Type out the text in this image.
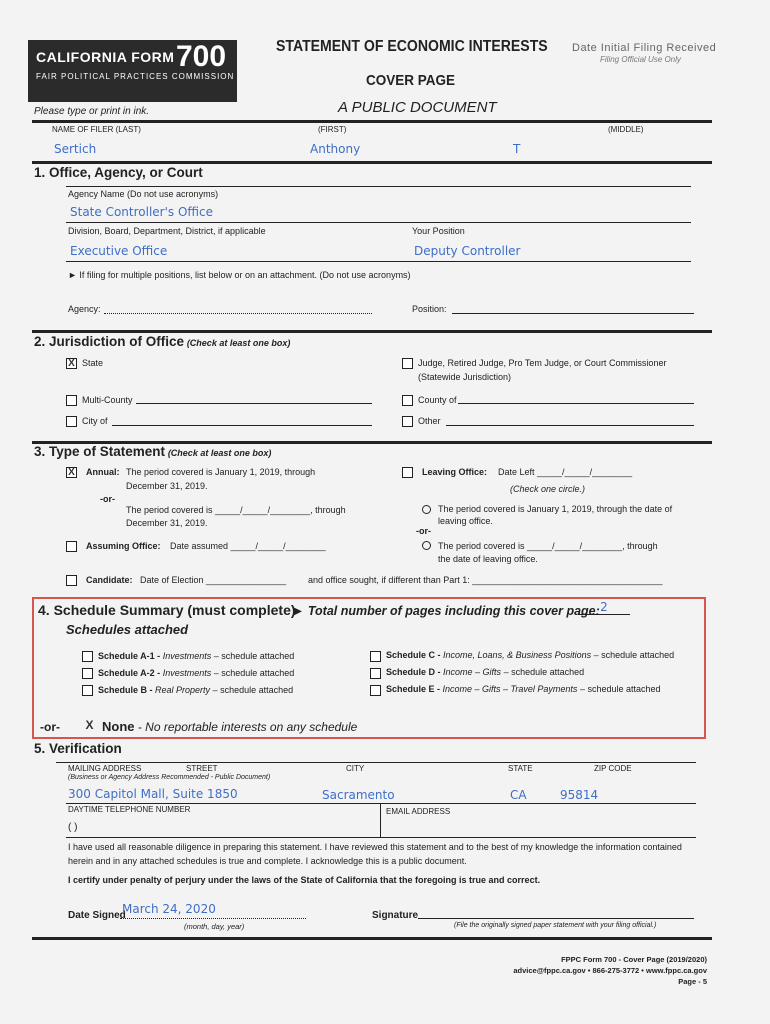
CALIFORNIA FORM 700
FAIR POLITICAL PRACTICES COMMISSION
STATEMENT OF ECONOMIC INTERESTS
COVER PAGE
A PUBLIC DOCUMENT
Date Initial Filing Received
Filing Official Use Only
Please type or print in ink.
NAME OF FILER (LAST)	(FIRST)	(MIDDLE)
Sertich	Anthony	T
1. Office, Agency, or Court
Agency Name (Do not use acronyms)
State Controller's Office
Division, Board, Department, District, if applicable	Your Position
Executive Office	Deputy Controller
► If filing for multiple positions, list below or on an attachment. (Do not use acronyms)
Agency:	Position:
2. Jurisdiction of Office (Check at least one box)
X State	Judge, Retired Judge, Pro Tem Judge, or Court Commissioner
(Statewide Jurisdiction)
Multi-County	County of
City of	Other
3. Type of Statement (Check at least one box)
X Annual: The period covered is January 1, 2019, through
December 31, 2019.
-or-
The period covered is _____/_____/________, through
December 31, 2019.
Assuming Office: Date assumed _____/_____/________
Leaving Office: Date Left _____/_____/________
(Check one circle.)
The period covered is January 1, 2019, through the date of
leaving office.
-or-
The period covered is _____/_____/________, through
the date of leaving office.
Candidate: Date of Election ________________ and office sought, if different than Part 1: ______________________________________
4. Schedule Summary (must complete)
► Total number of pages including this cover page: 2
Schedules attached
Schedule A-1 - Investments – schedule attached
Schedule A-2 - Investments – schedule attached
Schedule B - Real Property – schedule attached
Schedule C - Income, Loans, & Business Positions – schedule attached
Schedule D - Income – Gifts – schedule attached
Schedule E - Income – Gifts – Travel Payments – schedule attached
-or- X None - No reportable interests on any schedule
5. Verification
MAILING ADDRESS	STREET
(Business or Agency Address Recommended - Public Document)
CITY	STATE	ZIP CODE
300 Capitol Mall, Suite 1850	Sacramento	CA	95814
DAYTIME TELEPHONE NUMBER	EMAIL ADDRESS
( )
I have used all reasonable diligence in preparing this statement. I have reviewed this statement and to the best of my knowledge the information contained
herein and in any attached schedules is true and complete. I acknowledge this is a public document.
I certify under penalty of perjury under the laws of the State of California that the foregoing is true and correct.
Date Signed
March 24, 2020
(month, day, year)
Signature
(File the originally signed paper statement with your filing official.)
FPPC Form 700 - Cover Page (2019/2020)
advice@fppc.ca.gov • 866-275-3772 • www.fppc.ca.gov
Page - 5
